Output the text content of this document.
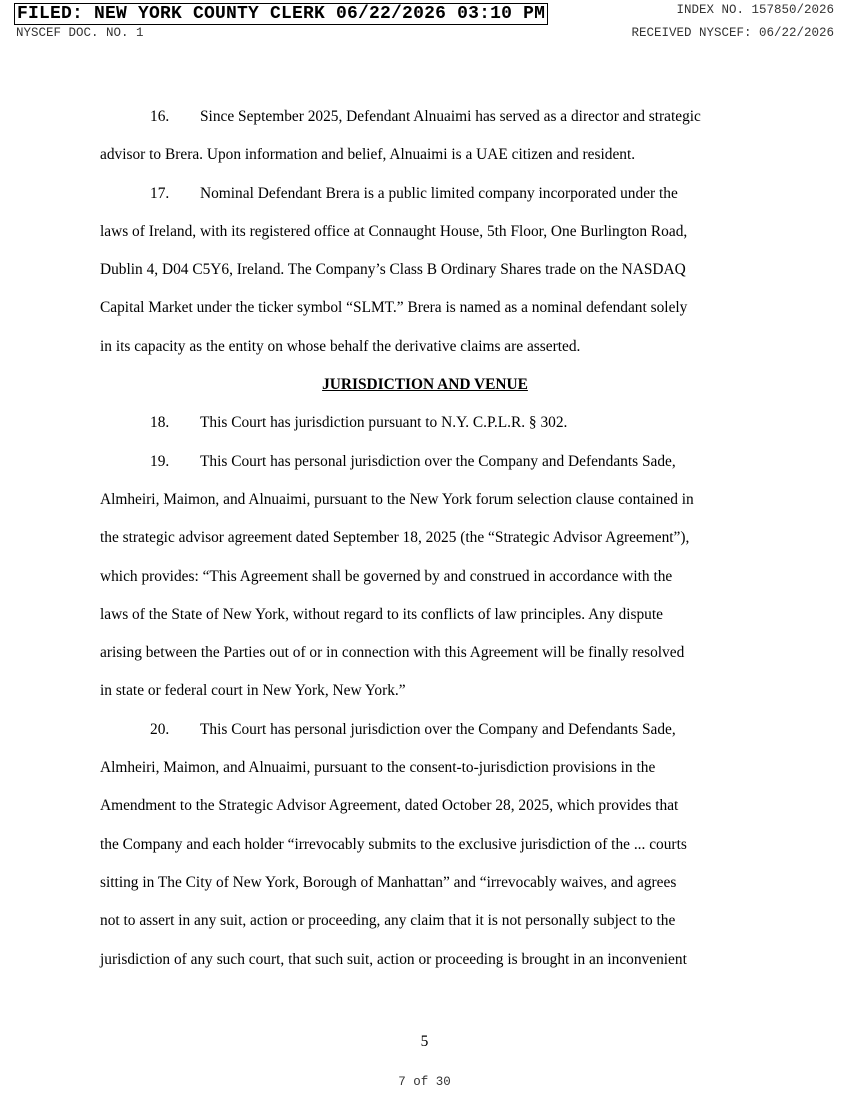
FILED: NEW YORK COUNTY CLERK 06/22/2026 03:10 PM
NYSCEF DOC. NO. 1
INDEX NO. 157850/2026
RECEIVED NYSCEF: 06/22/2026
16. Since September 2025, Defendant Alnuaimi has served as a director and strategic
advisor to Brera. Upon information and belief, Alnuaimi is a UAE citizen and resident.
17. Nominal Defendant Brera is a public limited company incorporated under the
laws of Ireland, with its registered office at Connaught House, 5th Floor, One Burlington Road,
Dublin 4, D04 C5Y6, Ireland. The Company’s Class B Ordinary Shares trade on the NASDAQ
Capital Market under the ticker symbol “SLMT.” Brera is named as a nominal defendant solely
in its capacity as the entity on whose behalf the derivative claims are asserted.
JURISDICTION AND VENUE
18. This Court has jurisdiction pursuant to N.Y. C.P.L.R. § 302.
19. This Court has personal jurisdiction over the Company and Defendants Sade,
Almheiri, Maimon, and Alnuaimi, pursuant to the New York forum selection clause contained in
the strategic advisor agreement dated September 18, 2025 (the “Strategic Advisor Agreement”),
which provides: “This Agreement shall be governed by and construed in accordance with the
laws of the State of New York, without regard to its conflicts of law principles. Any dispute
arising between the Parties out of or in connection with this Agreement will be finally resolved
in state or federal court in New York, New York.”
20. This Court has personal jurisdiction over the Company and Defendants Sade,
Almheiri, Maimon, and Alnuaimi, pursuant to the consent-to-jurisdiction provisions in the
Amendment to the Strategic Advisor Agreement, dated October 28, 2025, which provides that
the Company and each holder “irrevocably submits to the exclusive jurisdiction of the ... courts
sitting in The City of New York, Borough of Manhattan” and “irrevocably waives, and agrees
not to assert in any suit, action or proceeding, any claim that it is not personally subject to the
jurisdiction of any such court, that such suit, action or proceeding is brought in an inconvenient
5
7 of 30
